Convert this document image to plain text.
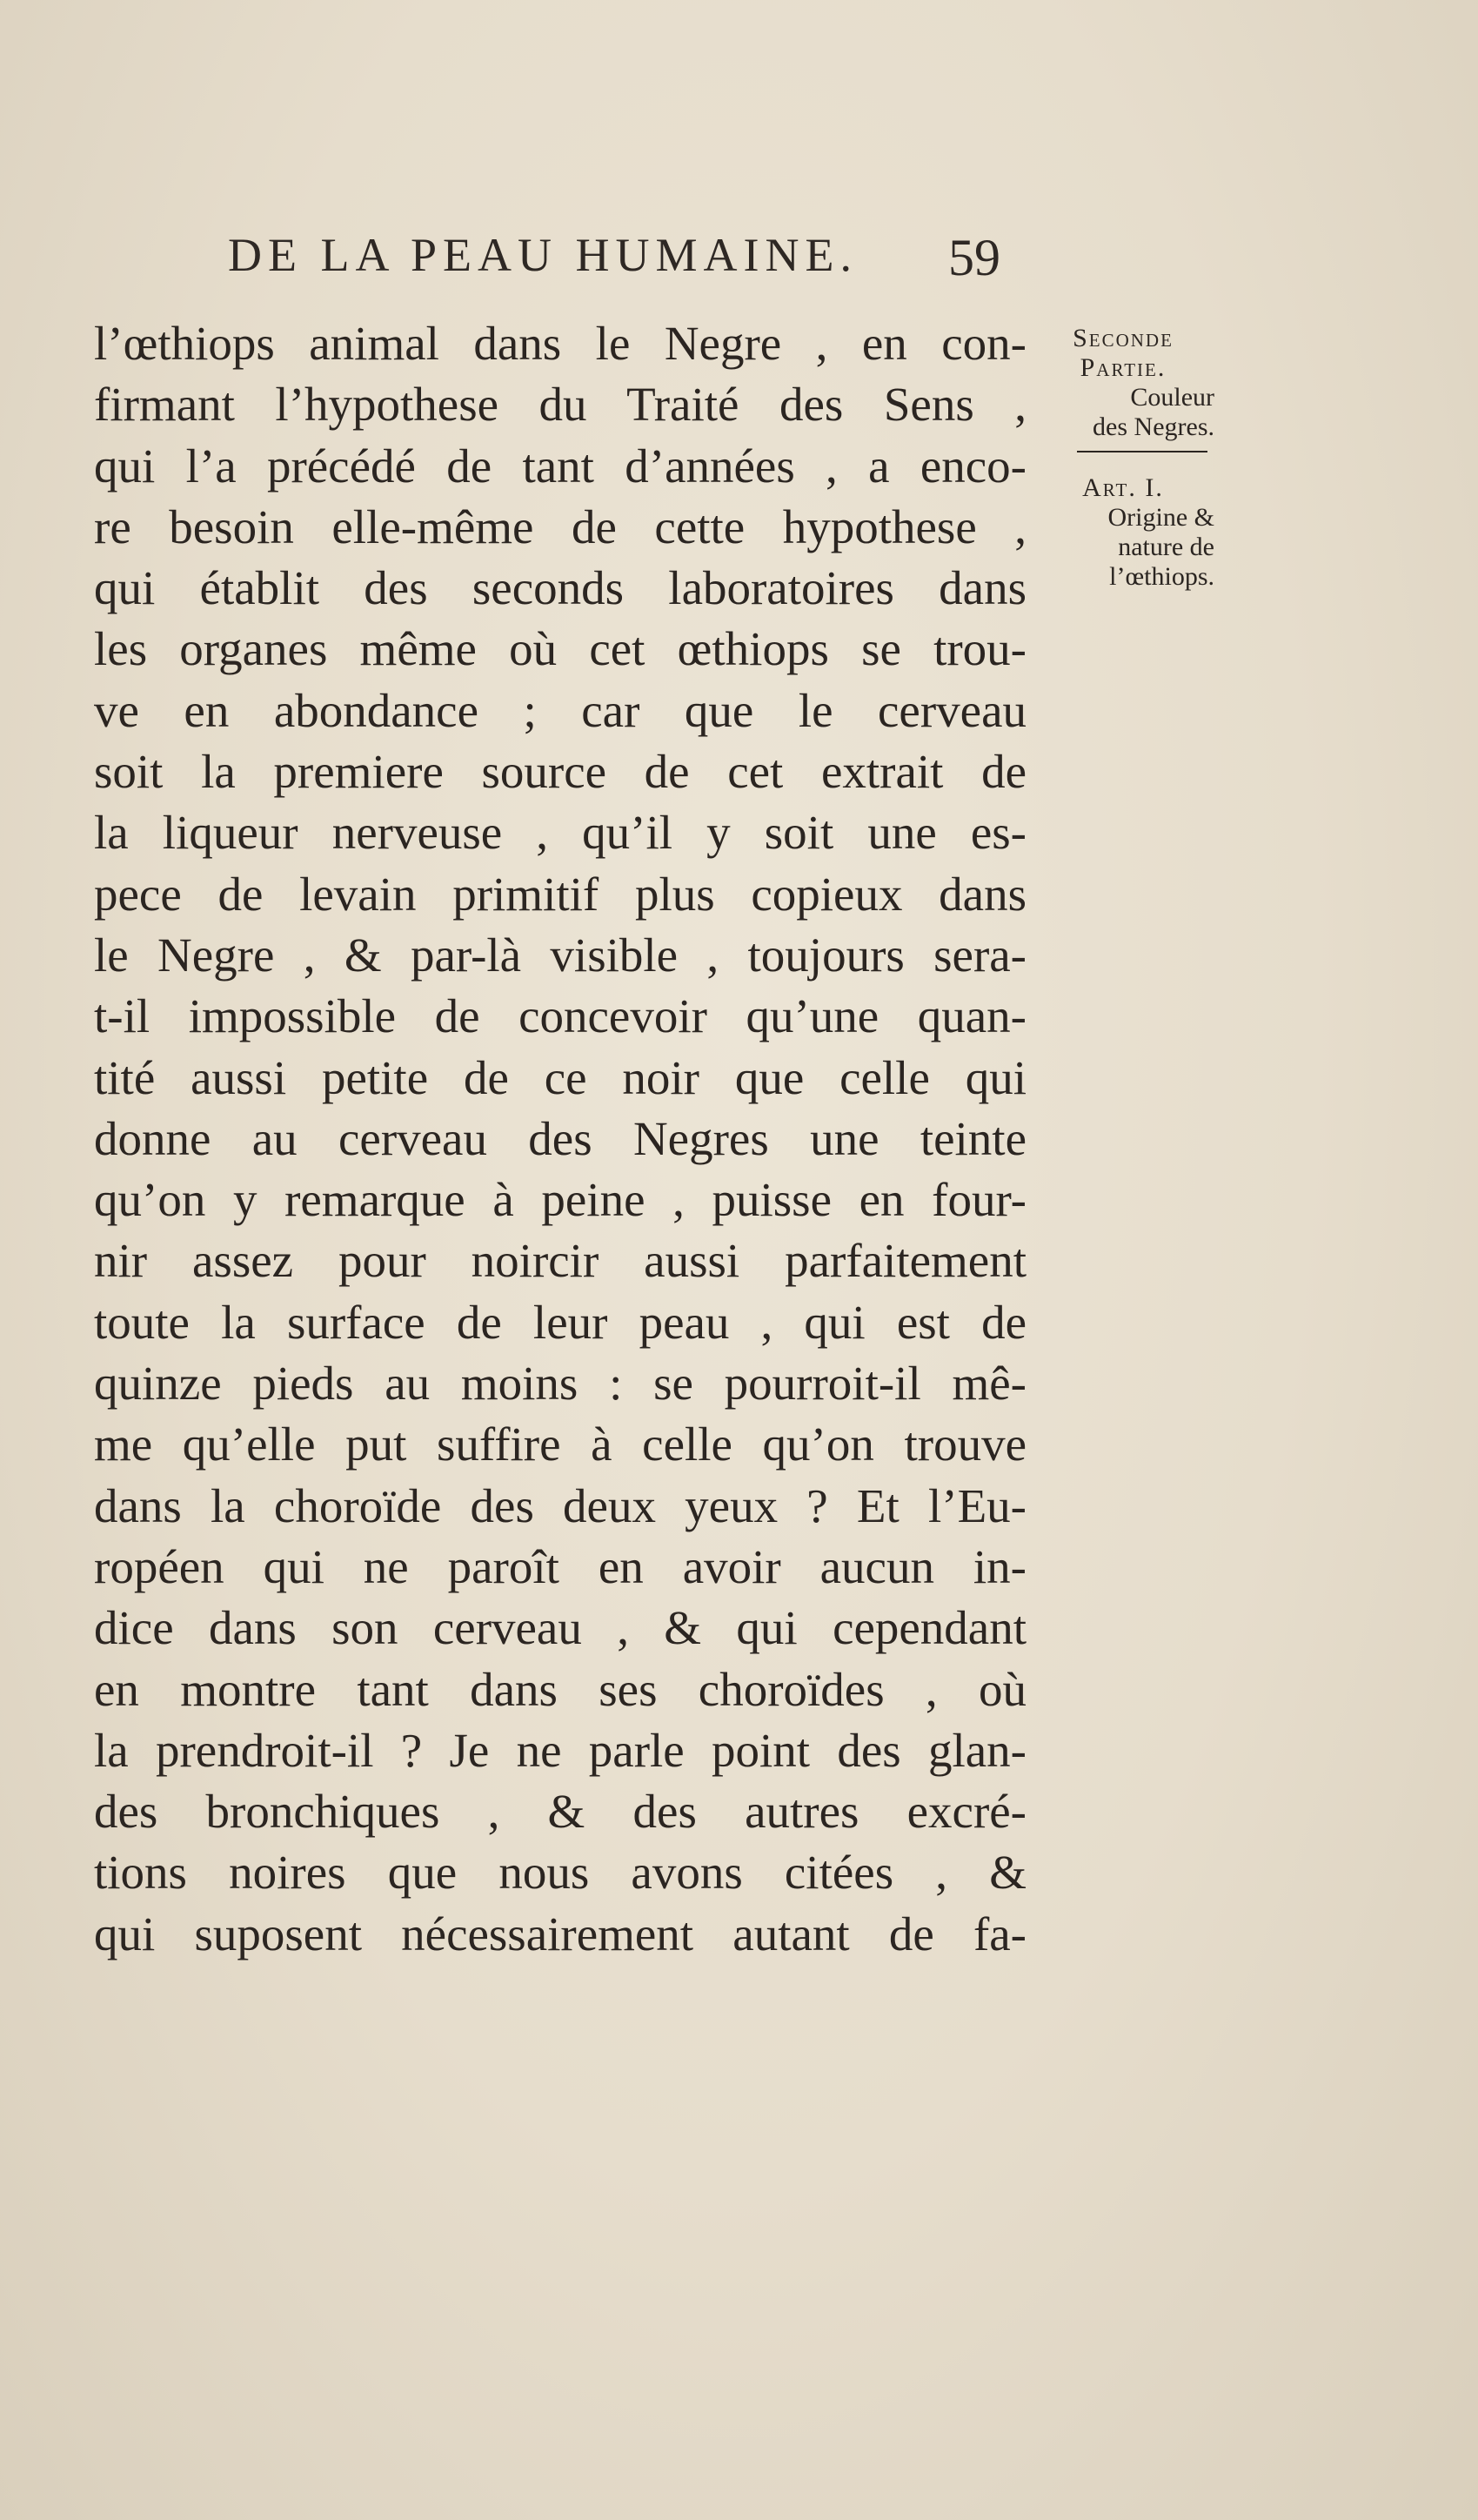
DE LA PEAU HUMAINE.	59
l’œthiops animal dans le Negre , en con-
firmant l’hypothese du Traité des Sens ,
qui l’a précédé de tant d’années , a enco-
re besoin elle-même de cette hypothese ,
qui établit des seconds laboratoires dans
les organes même où cet œthiops se trou-
ve en abondance ; car que le cerveau
soit la premiere source de cet extrait de
la liqueur nerveuse , qu’il y soit une es-
pece de levain primitif plus copieux dans
le Negre , & par-là visible , toujours sera-
t-il impossible de concevoir qu’une quan-
tité aussi petite de ce noir que celle qui
donne au cerveau des Negres une teinte
qu’on y remarque à peine , puisse en four-
nir assez pour noircir aussi parfaitement
toute la surface de leur peau , qui est de
quinze pieds au moins : se pourroit-il mê-
me qu’elle put suffire à celle qu’on trouve
dans la choroïde des deux yeux ? Et l’Eu-
ropéen qui ne paroît en avoir aucun in-
dice dans son cerveau , & qui cependant
en montre tant dans ses choroïdes , où
la prendroit-il ? Je ne parle point des glan-
des bronchiques , & des autres excré-
tions noires que nous avons citées , &
qui suposent nécessairement autant de fa-
Seconde
Partie.
Couleur
des Negres.
Art. I.
Origine &
nature de
l’œthiops.
